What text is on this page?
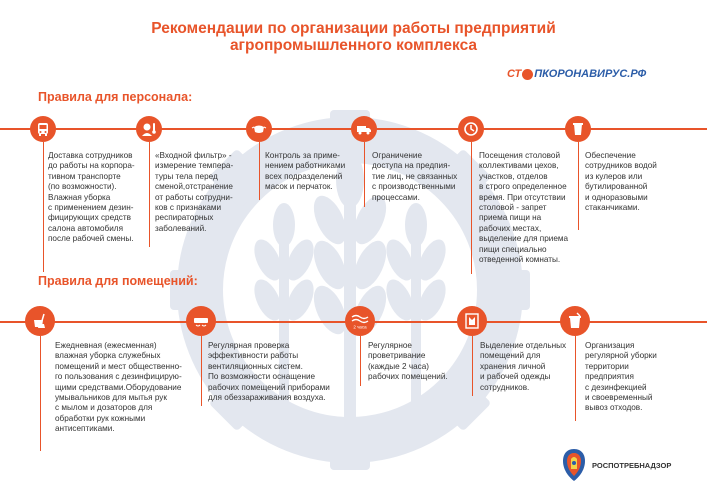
Рекомендации по организации работы предприятий
агропромышленного комплекса
СТ ПКОРОНАВИРУС.РФ
Правила для персонала:
Доставка сотрудников
до работы на корпора-
тивном транспорте
(по возможности).
Влажная уборка
с применением дезин-
фицирующих средств
салона автомобиля
после рабочей смены.
«Входной фильтр» -
измерение темпера-
туры тела перед
сменой,отстранение
от работы сотрудни-
ков с признаками
респираторных
заболеваний.
Контроль за приме-
нением работниками
всех подразделений
масок и перчаток.
Ограничение
доступа на предпия-
тие лиц, не связанных
с производственными
процессами.
Посещения столовой
коллективами цехов,
участков, отделов
в строго определенное
время. При отсутствии
столовой - запрет
приема пищи на
рабочих местах,
выделение для приема
пищи специально
отведенной комнаты.
Обеспечение
сотрудников водой
из кулеров или
бутилированной
и одноразовыми
стаканчиками.
Правила для помещений:
Ежедневная (ежесменная)
влажная уборка служебных
помещений и мест общественно-
го пользования с дезинфицирую-
щими средствами.Оборудование
умывальников для мытья рук
с мылом и дозаторов для
обработки рук кожными
антисептиками.
Регулярная проверка
эффективности работы
вентиляционных систем.
По возможности оснащение
рабочих помещений приборами
для обеззараживания воздуха.
2 часа
Регулярное
проветривание
(каждые 2 часа)
рабочих помещений.
Выделение отдельных
помещений для
хранения личной
и рабочей одежды
сотрудников.
Организация
регулярной уборки
территории
предприятия
с дезинфекцией
и своевременный
вывоз отходов.
РОСПОТРЕБНАДЗОР
